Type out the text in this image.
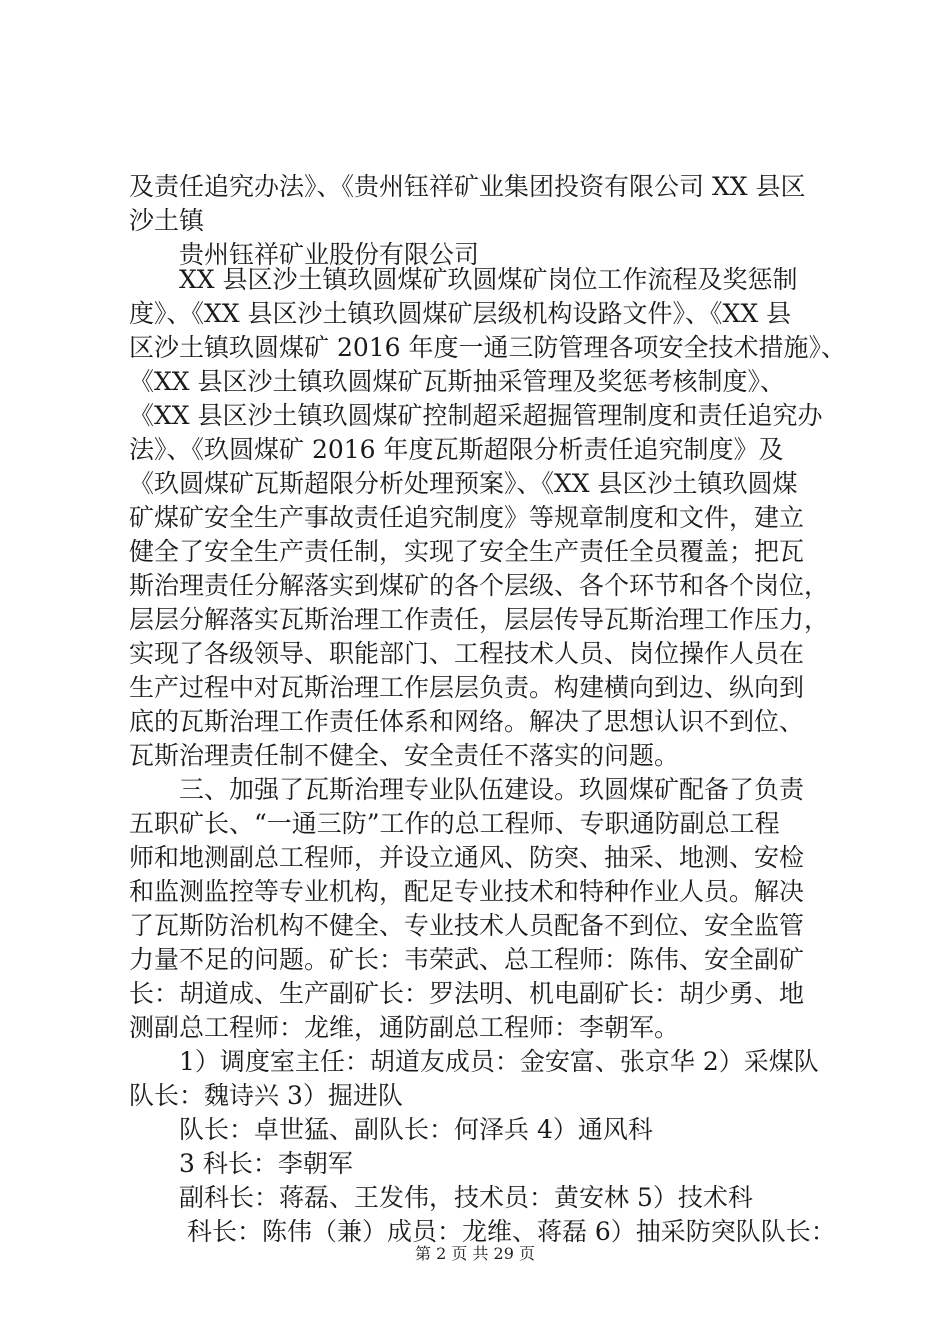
及责任追究办法》、《贵州钰祥矿业集团投资有限公司 XX 县区
沙土镇
　　贵州钰祥矿业股份有限公司
　　XX 县区沙土镇玖圆煤矿玖圆煤矿岗位工作流程及奖惩制
度》、《XX 县区沙土镇玖圆煤矿层级机构设路文件》、《XX 县
区沙土镇玖圆煤矿 2016 年度一通三防管理各项安全技术措施》、
《XX 县区沙土镇玖圆煤矿瓦斯抽采管理及奖惩考核制度》、
《XX 县区沙土镇玖圆煤矿控制超采超掘管理制度和责任追究办
法》、《玖圆煤矿 2016 年度瓦斯超限分析责任追究制度》及
《玖圆煤矿瓦斯超限分析处理预案》、《XX 县区沙土镇玖圆煤
矿煤矿安全生产事故责任追究制度》等规章制度和文件，建立
健全了安全生产责任制，实现了安全生产责任全员覆盖；把瓦
斯治理责任分解落实到煤矿的各个层级、各个环节和各个岗位，
层层分解落实瓦斯治理工作责任，层层传导瓦斯治理工作压力，
实现了各级领导、职能部门、工程技术人员、岗位操作人员在
生产过程中对瓦斯治理工作层层负责。构建横向到边、纵向到
底的瓦斯治理工作责任体系和网络。解决了思想认识不到位、
瓦斯治理责任制不健全、安全责任不落实的问题。
　　三、加强了瓦斯治理专业队伍建设。玖圆煤矿配备了负责
五职矿长、“一通三防”工作的总工程师、专职通防副总工程
师和地测副总工程师，并设立通风、防突、抽采、地测、安检
和监测监控等专业机构，配足专业技术和特种作业人员。解决
了瓦斯防治机构不健全、专业技术人员配备不到位、安全监管
力量不足的问题。矿长：韦荣武、总工程师：陈伟、安全副矿
长：胡道成、生产副矿长：罗法明、机电副矿长：胡少勇、地
测副总工程师：龙维，通防副总工程师：李朝军。
　　1）调度室主任：胡道友成员：金安富、张京华 2）采煤队
队长：魏诗兴 3）掘进队
　　队长：卓世猛、副队长：何泽兵 4）通风科
　　3 科长：李朝军
　　副科长：蒋磊、王发伟，技术员：黄安林 5）技术科
　　 科长：陈伟（兼）成员：龙维、蒋磊 6）抽采防突队队长：
第 2 页 共 29 页
